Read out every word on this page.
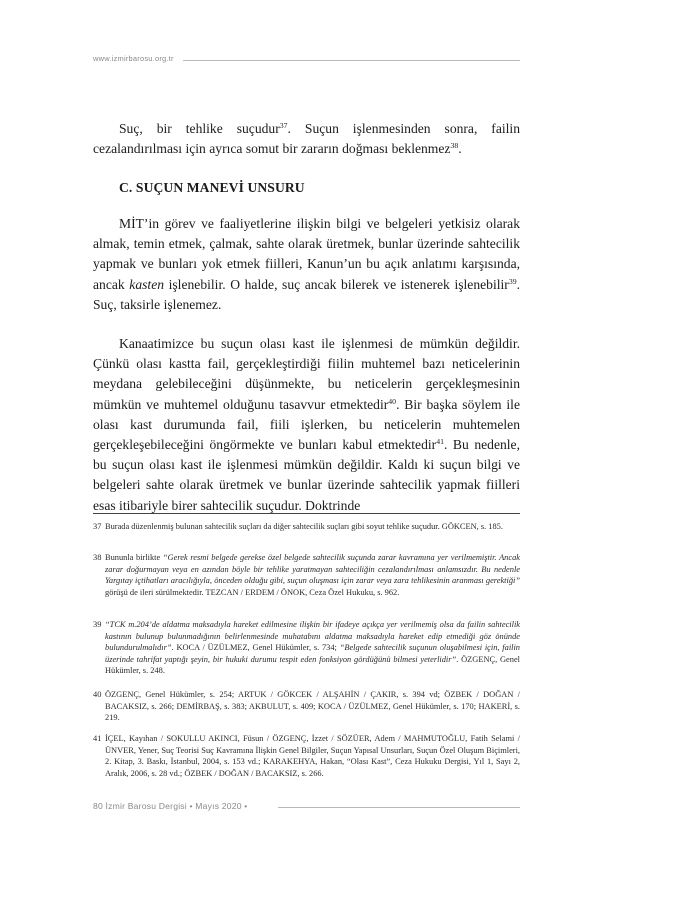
www.izmirbarosu.org.tr

Suç, bir tehlike suçudur$^{37}$. Suçun işlenmesinden sonra, failin cezalandırılması için ayrıca somut bir zararın doğması beklenmez$^{38}$.

C. SUÇUN MANEVİ UNSURU

MİT’in görev ve faaliyetlerine ilişkin bilgi ve belgeleri yetkisiz olarak almak, temin etmek, çalmak, sahte olarak üretmek, bunlar üzerinde sahtecilik yapmak ve bunları yok etmek fiilleri, Kanun’un bu açık anlatımı karşısında, ancak kasten işlenebilir. O halde, suç ancak bilerek ve istenerek işlenebilir$^{39}$. Suç, taksirle işlenemez.

Kanaatimizce bu suçun olası kast ile işlenmesi de mümkün değildir. Çünkü olası kastta fail, gerçekleştirdiği fiilin muhtemel bazı neticelerinin meydana gelebileceğini düşünmekte, bu neticelerin gerçekleşmesinin mümkün ve muhtemel olduğunu tasavvur etmektedir$^{40}$. Bir başka söylem ile olası kast durumunda fail, fiili işlerken, bu neticelerin muhtemelen gerçekleşebileceğini öngörmekte ve bunları kabul etmektedir$^{41}$. Bu nedenle, bu suçun olası kast ile işlenmesi mümkün değildir. Kaldı ki suçun bilgi ve belgeleri sahte olarak üretmek ve bunlar üzerinde sahtecilik yapmak fiilleri esas itibariyle birer sahtecilik suçudur. Doktrinde

37 Burada düzenlenmiş bulunan sahtecilik suçları da diğer sahtecilik suçları gibi soyut tehlike suçudur. GÖKCEN, s. 185.

38 Bununla birlikte “Gerek resmi belgede gerekse özel belgede sahtecilik suçunda zarar kavramına yer verilmemiştir. Ancak zarar doğurmayan veya en azından böyle bir tehlike yaratmayan sahteciliğin cezalandırılması anlamsızdır. Bu nedenle Yargıtay içtihatları aracılığıyla, önceden olduğu gibi, suçun oluşması için zarar veya zara tehlikesinin aranması gerektiği” görüşü de ileri sürülmektedir. TEZCAN / ERDEM / ÖNOK, Ceza Özel Hukuku, s. 962.

39 “TCK m.204’de aldatma maksadıyla hareket edilmesine ilişkin bir ifadeye açıkça yer verilmemiş olsa da failin sahtecilik kastının bulunup bulunmadığının belirlenmesinde muhatabını aldatma maksadıyla hareket edip etmediği göz önünde bulundurulmalıdır”. KOCA / ÜZÜLMEZ, Genel Hükümler, s. 734; “Belgede sahtecilik suçunun oluşabilmesi için, failin üzerinde tahrifat yaptığı şeyin, bir hukuki durumu tespit eden fonksiyon gördüğünü bilmesi yeterlidir”. ÖZGENÇ, Genel Hükümler, s. 248.

40 ÖZGENÇ, Genel Hükümler, s. 254; ARTUK / GÖKCEK / ALŞAHİN / ÇAKIR, s. 394 vd; ÖZBEK / DOĞAN / BACAKSIZ, s. 266; DEMİRBAŞ, s. 383; AKBULUT, s. 409; KOCA / ÜZÜLMEZ, Genel Hükümler, s. 170; HAKERİ, s. 219.

41 İÇEL, Kayıhan / SOKULLU AKINCI, Füsun / ÖZGENÇ, İzzet / SÖZÜER, Adem / MAHMUTOĞLU, Fatih Selami / ÜNVER, Yener, Suç Teorisi Suç Kavramına İlişkin Genel Bilgiler, Suçun Yapısal Unsurları, Suçun Özel Oluşum Biçimleri, 2. Kitap, 3. Baskı, İstanbul, 2004, s. 153 vd.; KARAKEHYA, Hakan, “Olası Kast”, Ceza Hukuku Dergisi, Yıl 1, Sayı 2, Aralık, 2006, s. 28 vd.; ÖZBEK / DOĞAN / BACAKSIZ, s. 266.

80 İzmir Barosu Dergisi • Mayıs 2020 •
